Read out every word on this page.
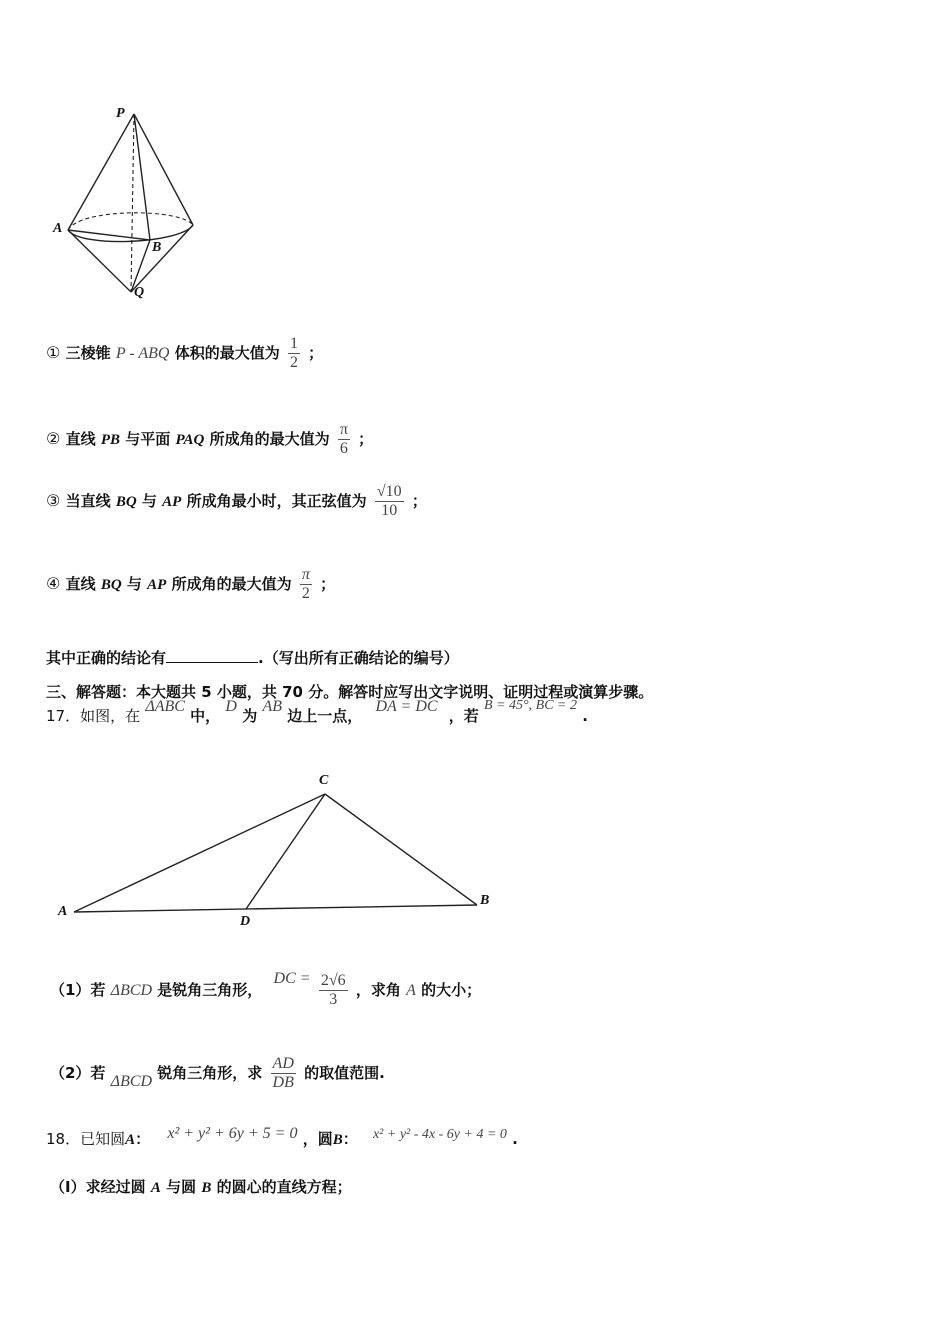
P
A
B
Q
① 三棱锥 P - ABQ 体积的最大值为 $\frac{1}{2}$ ；
② 直线 PB 与平面 PAQ 所成角的最大值为 $\frac{\pi}{6}$ ；
③ 当直线 BQ 与 AP 所成角最小时，其正弦值为 $\frac{√10}{10}$ ；
④ 直线 BQ 与 AP 所成角的最大值为 $\frac{\pi}{2}$ ；
其中正确的结论有	.（写出所有正确结论的编号）
三、解答题：本大题共 5 小题，共 70 分。解答时应写出文字说明、证明过程或演算步骤。
17．如图，在 ΔABC 中， D 为 AB 边上一点， DA = DC ，若 B = 45°, BC = 2 .
C
A
B
D
（1）若 ΔBCD 是锐角三角形， DC = $\frac{2√6}{3}$ ，求角 A 的大小；
（2）若 ΔBCD 锐角三角形，求 $\frac{AD}{DB}$ 的取值范围.
18．已知圆A： x² + y² + 6y + 5 = 0 ，圆B： x² + y² - 4x - 6y + 4 = 0 .
（Ⅰ）求经过圆 A 与圆 B 的圆心的直线方程；
